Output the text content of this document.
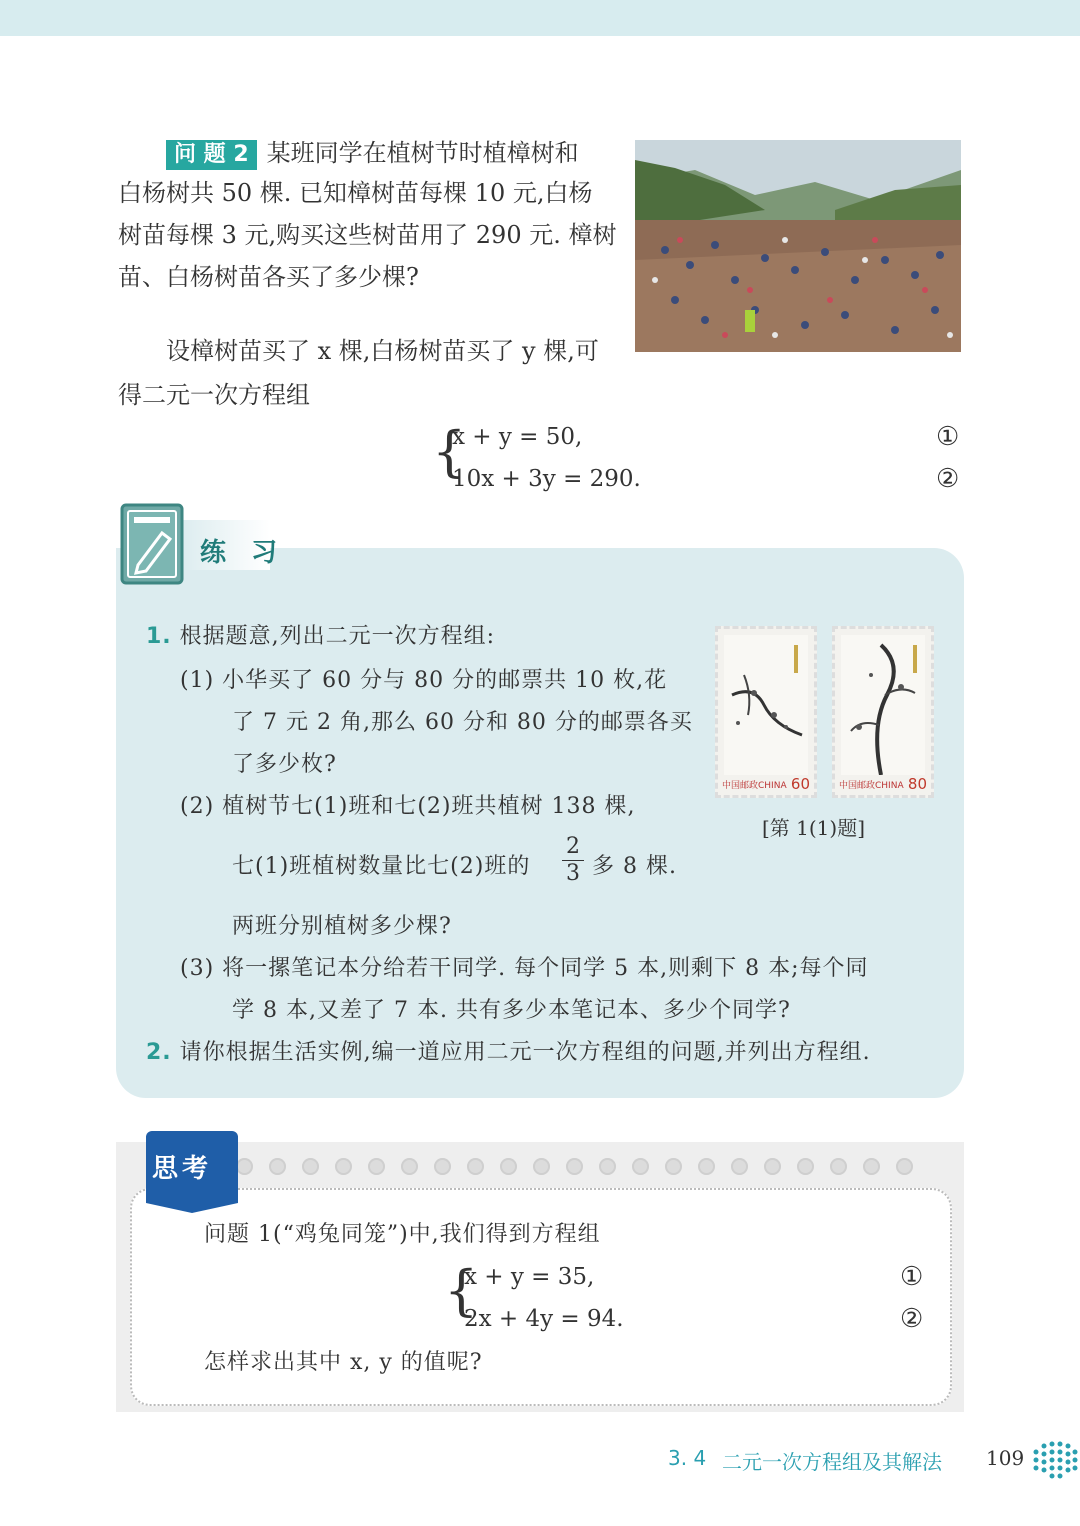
问 题 2 某班同学在植树节时植樟树和
白杨树共 50 棵. 已知樟树苗每棵 10 元,白杨
树苗每棵 3 元,购买这些树苗用了 290 元. 樟树
苗、白杨树苗各买了多少棵?
设樟树苗买了 x 棵,白杨树苗买了 y 棵,可
得二元一次方程组
{
x + y = 50,
10x + 3y = 290.
①
②
练 习
1. 根据题意,列出二元一次方程组:
(1) 小华买了 60 分与 80 分的邮票共 10 枚,花
了 7 元 2 角,那么 60 分和 80 分的邮票各买
了多少枚?
(2) 植树节七(1)班和七(2)班共植树 138 棵,
七(1)班植树数量比七(2)班的 $\frac{2}{3}$ 多 8 棵.
两班分别植树多少棵?
(3) 将一摞笔记本分给若干同学. 每个同学 5 本,则剩下 8 本;每个同
学 8 本,又差了 7 本. 共有多少本笔记本、多少个同学?
2. 请你根据生活实例,编一道应用二元一次方程组的问题,并列出方程组.
中国邮政CHINA 60	中国邮政CHINA 80
[第 1(1)题]
思考
问题 1(“鸡兔同笼”)中,我们得到方程组
{
x + y = 35,
2x + 4y = 94.
①
②
怎样求出其中 x, y 的值呢?
3. 4 二元一次方程组及其解法 109
